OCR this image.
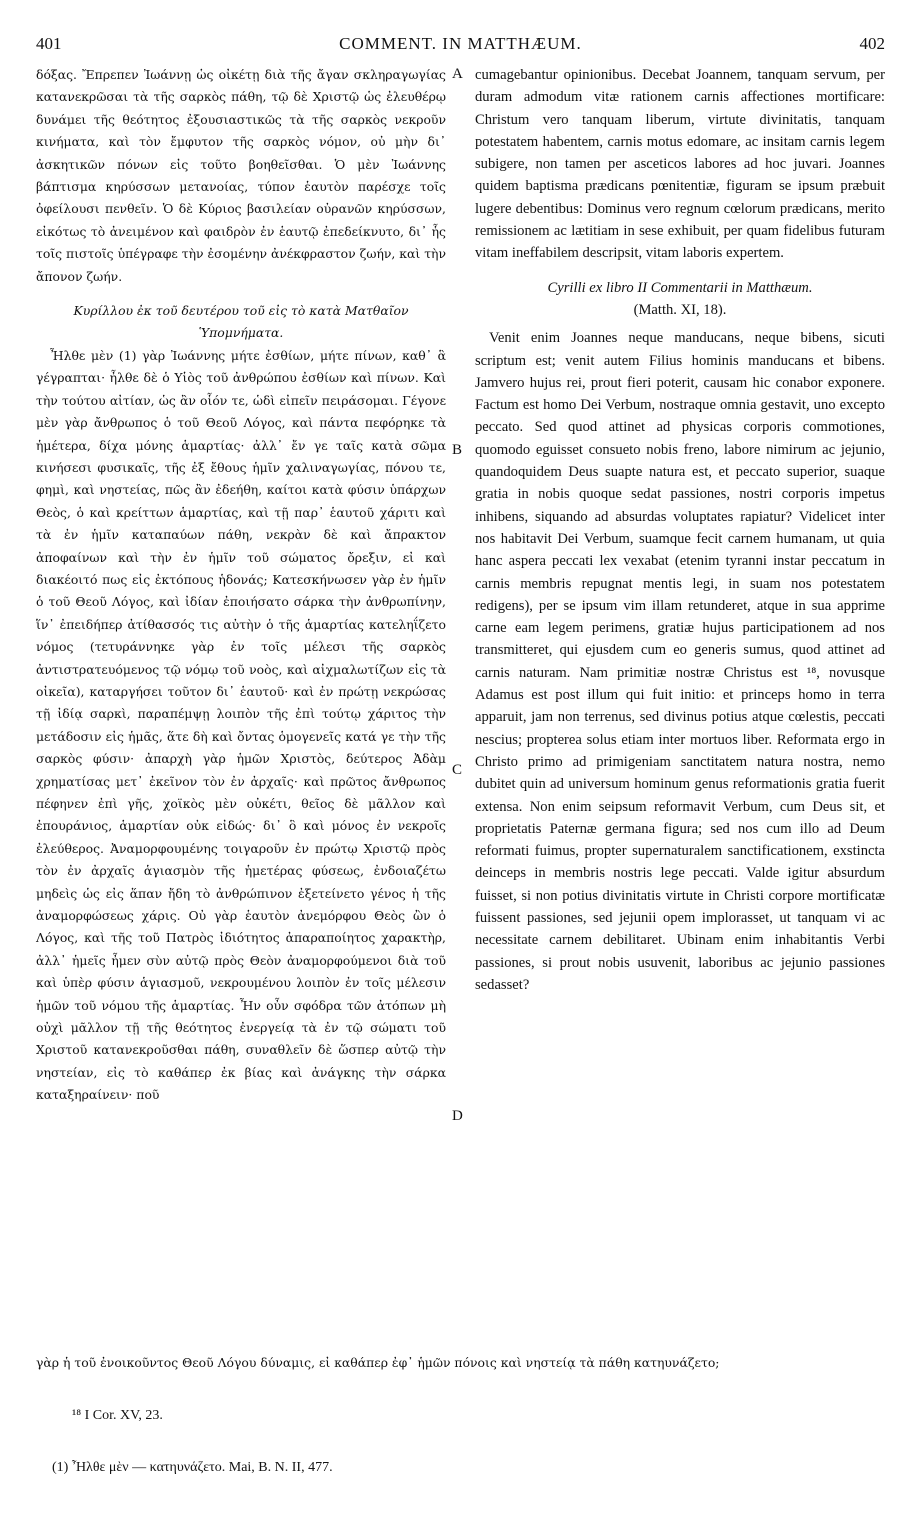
401	COMMENT. IN MATTHÆUM.	402

δόξας. Ἔπρεπεν Ἰωάννῃ ὡς οἰκέτῃ διὰ τῆς ἄγαν σκληραγωγίας κατανεκρῶσαι τὰ τῆς σαρκὸς πάθη, τῷ δὲ Χριστῷ ὡς ἐλευθέρῳ δυνάμει τῆς θεότητος ἐξουσιαστικῶς τὰ τῆς σαρκὸς νεκροῦν κινήματα, καὶ τὸν ἔμφυτον τῆς σαρκὸς νόμον, οὐ μὴν δι᾿ ἀσκητικῶν πόνων εἰς τοῦτο βοηθεῖσθαι. Ὁ μὲν Ἰωάννης βάπτισμα κηρύσσων μετανοίας, τύπον ἑαυτὸν παρέσχε τοῖς ὀφείλουσι πενθεῖν. Ὁ δὲ Κύριος βασιλείαν οὐρανῶν κηρύσσων, εἰκότως τὸ ἀνειμένον καὶ φαιδρὸν ἐν ἑαυτῷ ἐπεδείκνυτο, δι᾿ ἧς τοῖς πιστοῖς ὑπέγραφε τὴν ἐσομένην ἀνέκφραστον ζωήν, καὶ τὴν ἄπονον ζωήν.

Κυρίλλου ἐκ τοῦ δευτέρου τοῦ εἰς τὸ κατὰ Ματθαῖον Ὑπομνήματα.

Ἦλθε μὲν (1) γὰρ Ἰωάννης μήτε ἐσθίων, μήτε πίνων, καθ᾿ ἃ γέγραπται· ἦλθε δὲ ὁ Υἱὸς τοῦ ἀνθρώπου ἐσθίων καὶ πίνων. Καὶ τὴν τούτου αἰτίαν, ὡς ἂν οἷόν τε, ὡδὶ εἰπεῖν πειράσομαι. Γέγονε μὲν γὰρ ἄνθρωπος ὁ τοῦ Θεοῦ Λόγος, καὶ πάντα πεφόρηκε τὰ ἡμέτερα, δίχα μόνης ἁμαρτίας· ἀλλ᾿ ἔν γε ταῖς κατὰ σῶμα κινήσεσι φυσικαῖς, τῆς ἐξ ἔθους ἡμῖν χαλιναγωγίας, πόνου τε, φημὶ, καὶ νηστείας, πῶς ἂν ἐδεήθη, καίτοι κατὰ φύσιν ὑπάρχων Θεὸς, ὁ καὶ κρείττων ἁμαρτίας, καὶ τῇ παρ᾿ ἑαυτοῦ χάριτι καὶ τὰ ἐν ἡμῖν καταπαύων πάθη, νεκρὰν δὲ καὶ ἄπρακτον ἀποφαίνων καὶ τὴν ἐν ἡμῖν τοῦ σώματος ὄρεξιν, εἰ καὶ διακέοιτό πως εἰς ἐκτόπους ἡδονάς; Κατεσκήνωσεν γὰρ ἐν ἡμῖν ὁ τοῦ Θεοῦ Λόγος, καὶ ἰδίαν ἐποιήσατο σάρκα τὴν ἀνθρωπίνην, ἵν᾿ ἐπειδήπερ ἀτίθασσός τις αὐτὴν ὁ τῆς ἁμαρτίας κατεληΐζετο νόμος (τετυράννηκε γὰρ ἐν τοῖς μέλεσι τῆς σαρκὸς ἀντιστρατευόμενος τῷ νόμῳ τοῦ νοὸς, καὶ αἰχμαλωτίζων εἰς τὰ οἰκεῖα), καταργήσει τοῦτον δι᾿ ἑαυτοῦ· καὶ ἐν πρώτῃ νεκρώσας τῇ ἰδίᾳ σαρκὶ, παραπέμψῃ λοιπὸν τῆς ἐπὶ τούτῳ χάριτος τὴν μετάδοσιν εἰς ἡμᾶς, ἅτε δὴ καὶ ὄντας ὁμογενεῖς κατά γε τὴν τῆς σαρκὸς φύσιν· ἀπαρχὴ γὰρ ἡμῶν Χριστὸς, δεύτερος Ἀδὰμ χρηματίσας μετ᾿ ἐκεῖνον τὸν ἐν ἀρχαῖς· καὶ πρῶτος ἄνθρωπος πέφηνεν ἐπὶ γῆς, χοϊκὸς μὲν οὐκέτι, θεῖος δὲ μᾶλλον καὶ ἐπουράνιος, ἁμαρτίαν οὐκ εἰδώς· δι᾿ ὃ καὶ μόνος ἐν νεκροῖς ἐλεύθερος. Ἀναμορφουμένης τοιγαροῦν ἐν πρώτῳ Χριστῷ πρὸς τὸν ἐν ἀρχαῖς ἁγιασμὸν τῆς ἡμετέρας φύσεως, ἐνδοιαζέτω μηδεὶς ὡς εἰς ἅπαν ἤδη τὸ ἀνθρώπινον ἐξετείνετο γένος ἡ τῆς ἀναμορφώσεως χάρις. Οὐ γὰρ ἑαυτὸν ἀνεμόρφου Θεὸς ὢν ὁ Λόγος, καὶ τῆς τοῦ Πατρὸς ἰδιότητος ἀπαραποίητος χαρακτὴρ, ἀλλ᾿ ἡμεῖς ἦμεν σὺν αὐτῷ πρὸς Θεὸν ἀναμορφούμενοι διὰ τοῦ καὶ ὑπὲρ φύσιν ἁγιασμοῦ, νεκρουμένου λοιπὸν ἐν τοῖς μέλεσιν ἡμῶν τοῦ νόμου τῆς ἁμαρτίας. Ἦν οὖν σφόδρα τῶν ἀτόπων μὴ οὐχὶ μᾶλλον τῇ τῆς θεότητος ἐνεργείᾳ τὰ ἐν τῷ σώματι τοῦ Χριστοῦ κατανεκροῦσθαι πάθη, συναθλεῖν δὲ ὥσπερ αὐτῷ τὴν νηστείαν, εἰς τὸ καθάπερ ἐκ βίας καὶ ἀνάγκης τὴν σάρκα καταξηραίνειν· ποῦ

A
B
C
D

cumagebantur opinionibus. Decebat Joannem, tanquam servum, per duram admodum vitæ rationem carnis affectiones mortificare: Christum vero tanquam liberum, virtute divinitatis, tanquam potestatem habentem, carnis motus edomare, ac insitam carnis legem subigere, non tamen per asceticos labores ad hoc juvari. Joannes quidem baptisma prædicans pœnitentiæ, figuram se ipsum præbuit lugere debentibus: Dominus vero regnum cœlorum prædicans, merito remissionem ac lætitiam in sese exhibuit, per quam fidelibus futuram vitam ineffabilem descripsit, vitam laboris expertem.

Cyrilli ex libro II Commentarii in Matthæum.

(Matth. XI, 18).

Venit enim Joannes neque manducans, neque bibens, sicuti scriptum est; venit autem Filius hominis manducans et bibens. Jamvero hujus rei, prout fieri poterit, causam hic conabor exponere. Factum est homo Dei Verbum, nostraque omnia gestavit, uno excepto peccato. Sed quod attinet ad physicas corporis commotiones, quomodo eguisset consueto nobis freno, labore nimirum ac jejunio, quandoquidem Deus suapte natura est, et peccato superior, suaque gratia in nobis quoque sedat passiones, nostri corporis impetus inhibens, siquando ad absurdas voluptates rapiatur? Videlicet inter nos habitavit Dei Verbum, suamque fecit carnem humanam, ut quia hanc aspera peccati lex vexabat (etenim tyranni instar peccatum in carnis membris repugnat mentis legi, in suam nos potestatem redigens), per se ipsum vim illam retunderet, atque in sua apprime carne eam legem perimens, gratiæ hujus participationem ad nos transmitteret, qui ejusdem cum eo generis sumus, quod attinet ad carnis naturam. Nam primitiæ nostræ Christus est ¹⁸, novusque Adamus est post illum qui fuit initio: et princeps homo in terra apparuit, jam non terrenus, sed divinus potius atque cœlestis, peccati nescius; propterea solus etiam inter mortuos liber. Reformata ergo in Christo primo ad primigeniam sanctitatem natura nostra, nemo dubitet quin ad universum hominum genus reformationis gratia fuerit extensa. Non enim seipsum reformavit Verbum, cum Deus sit, et proprietatis Paternæ germana figura; sed nos cum illo ad Deum reformati fuimus, propter supernaturalem sanctificationem, exstincta deinceps in membris nostris lege peccati. Valde igitur absurdum fuisset, si non potius divinitatis virtute in Christi corpore mortificatæ fuissent passiones, sed jejunii opem implorasset, ut tanquam vi ac necessitate carnem debilitaret. Ubinam enim inhabitantis Verbi passiones, si prout nobis usuvenit, laboribus ac jejunio passiones sedasset?

γὰρ ἡ τοῦ ἐνοικοῦντος Θεοῦ Λόγου δύναμις, εἰ καθάπερ ἐφ᾿ ἡμῶν πόνοις καὶ νηστείᾳ τὰ πάθη κατηυνάζετο;
¹⁸ I Cor. XV, 23.
(1) Ἦλθε μὲν — κατηυνάζετο. Mai, B. N. II, 477.
